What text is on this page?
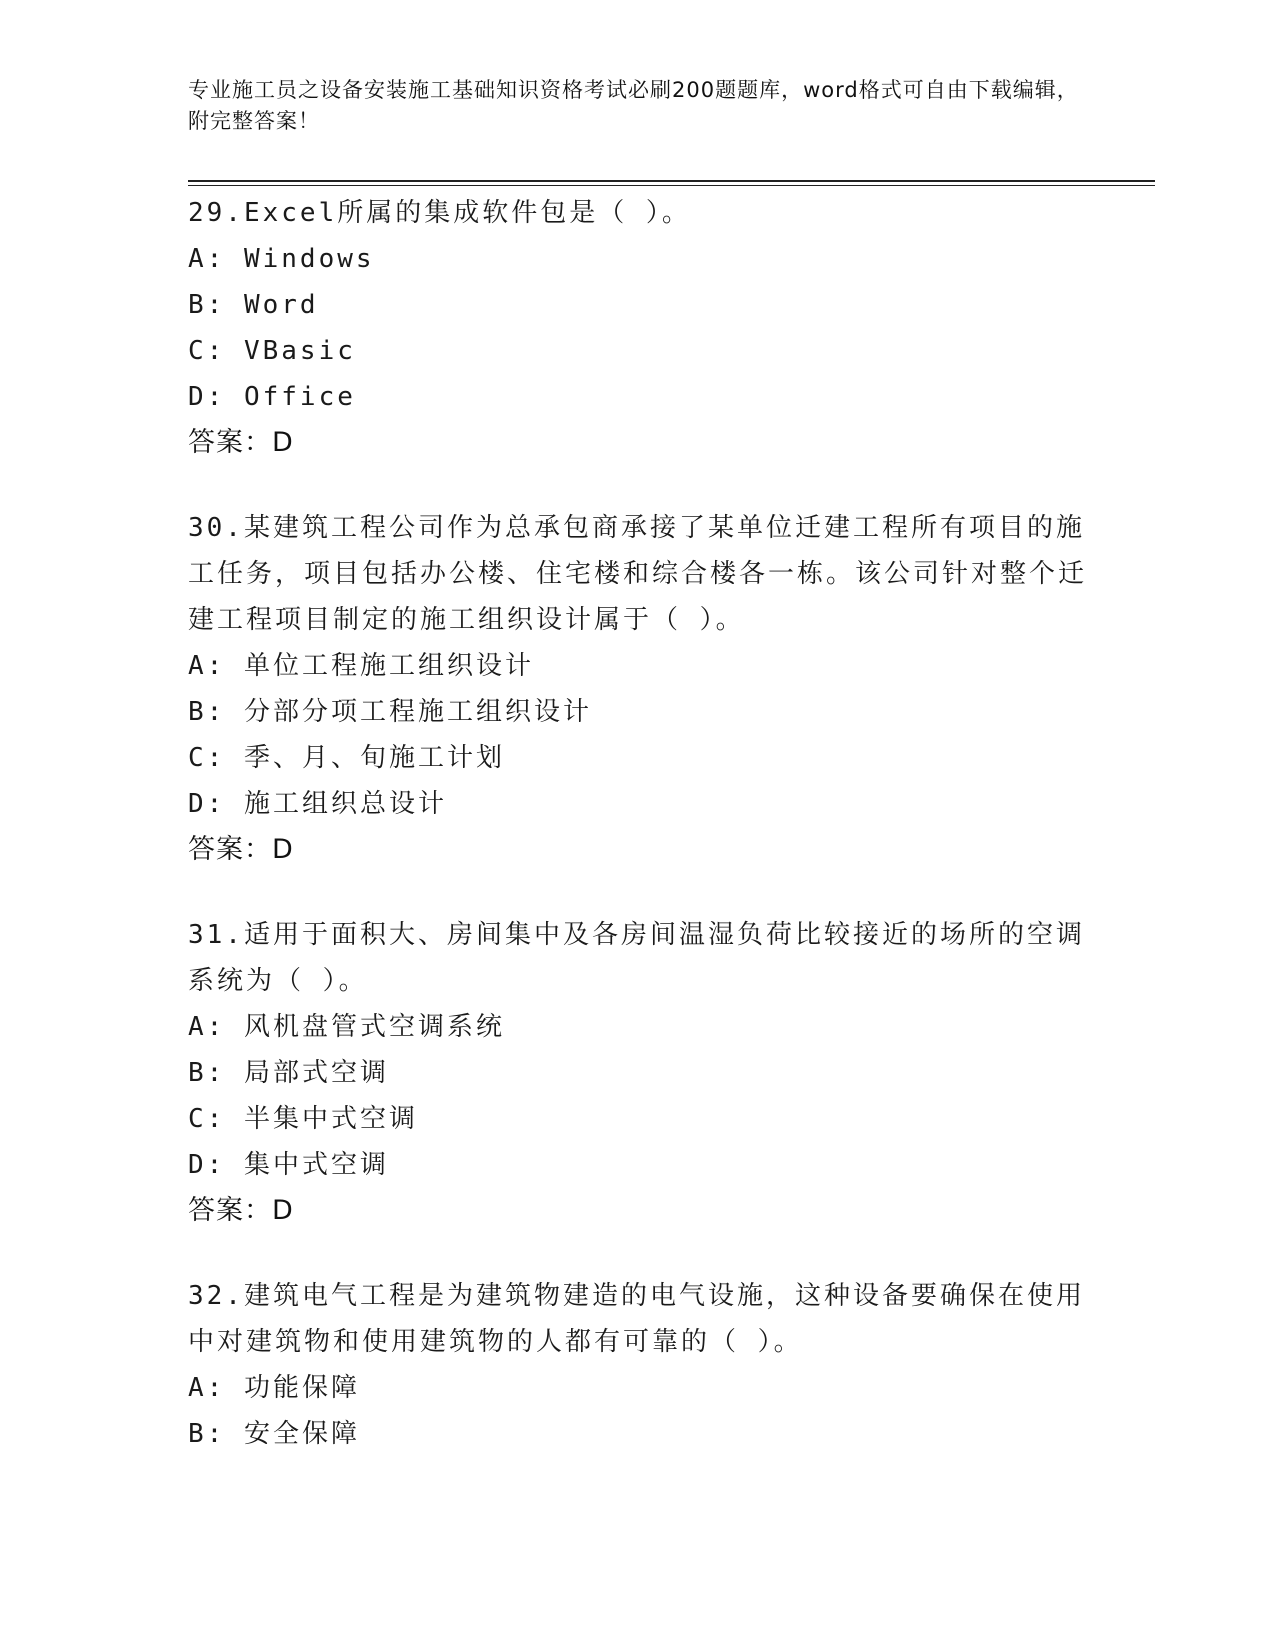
专业施工员之设备安装施工基础知识资格考试必刷200题题库，word格式可自由下载编辑，附完整答案！
29.Excel所属的集成软件包是（ ）。
A: Windows
B: Word
C: VBasic
D: Office
答案：D
30.某建筑工程公司作为总承包商承接了某单位迁建工程所有项目的施工任务，项目包括办公楼、住宅楼和综合楼各一栋。该公司针对整个迁建工程项目制定的施工组织设计属于（ ）。
A: 单位工程施工组织设计
B: 分部分项工程施工组织设计
C: 季、月、旬施工计划
D: 施工组织总设计
答案：D
31.适用于面积大、房间集中及各房间温湿负荷比较接近的场所的空调系统为（ ）。
A: 风机盘管式空调系统
B: 局部式空调
C: 半集中式空调
D: 集中式空调
答案：D
32.建筑电气工程是为建筑物建造的电气设施，这种设备要确保在使用中对建筑物和使用建筑物的人都有可靠的（ ）。
A: 功能保障
B: 安全保障
